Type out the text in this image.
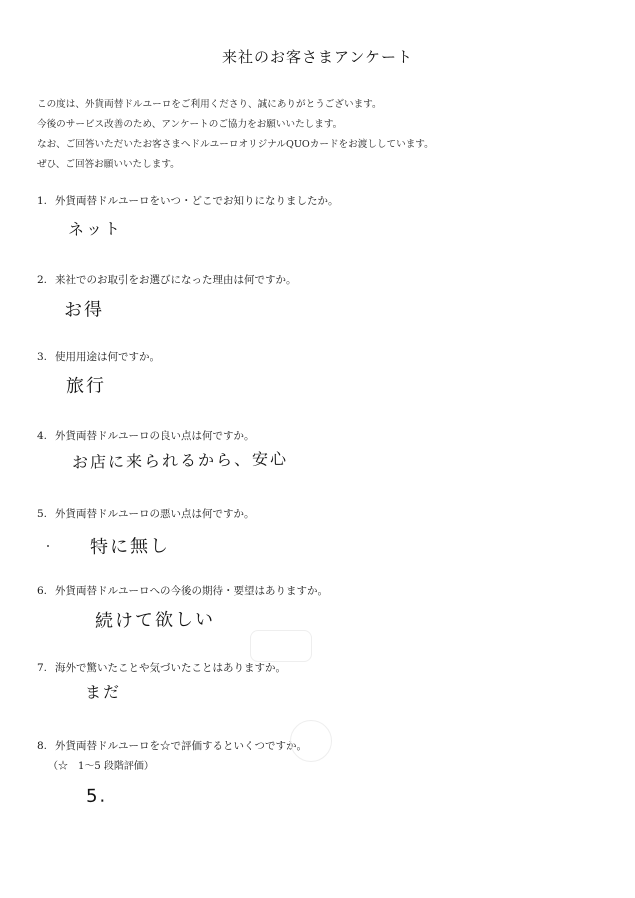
来社のお客さまアンケート
この度は、外貨両替ドルユーロをご利用くださり、誠にありがとうございます。
今後のサービス改善のため、アンケートのご協力をお願いいたします。
なお、ご回答いただいたお客さまへドルユーロオリジナルQUOカードをお渡ししています。
ぜひ、ご回答お願いいたします。
1. 外貨両替ドルユーロをいつ・どこでお知りになりましたか。
ネット
2. 来社でのお取引をお選びになった理由は何ですか。
お得
3. 使用用途は何ですか。
旅行
4. 外貨両替ドルユーロの良い点は何ですか。
お店に来られるから、安心
5. 外貨両替ドルユーロの悪い点は何ですか。
特に無し
6. 外貨両替ドルユーロへの今後の期待・要望はありますか。
続けて欲しい
7. 海外で驚いたことや気づいたことはありますか。
まだ
8. 外貨両替ドルユーロを☆で評価するといくつですか。
（☆　1〜5 段階評価）
5.
